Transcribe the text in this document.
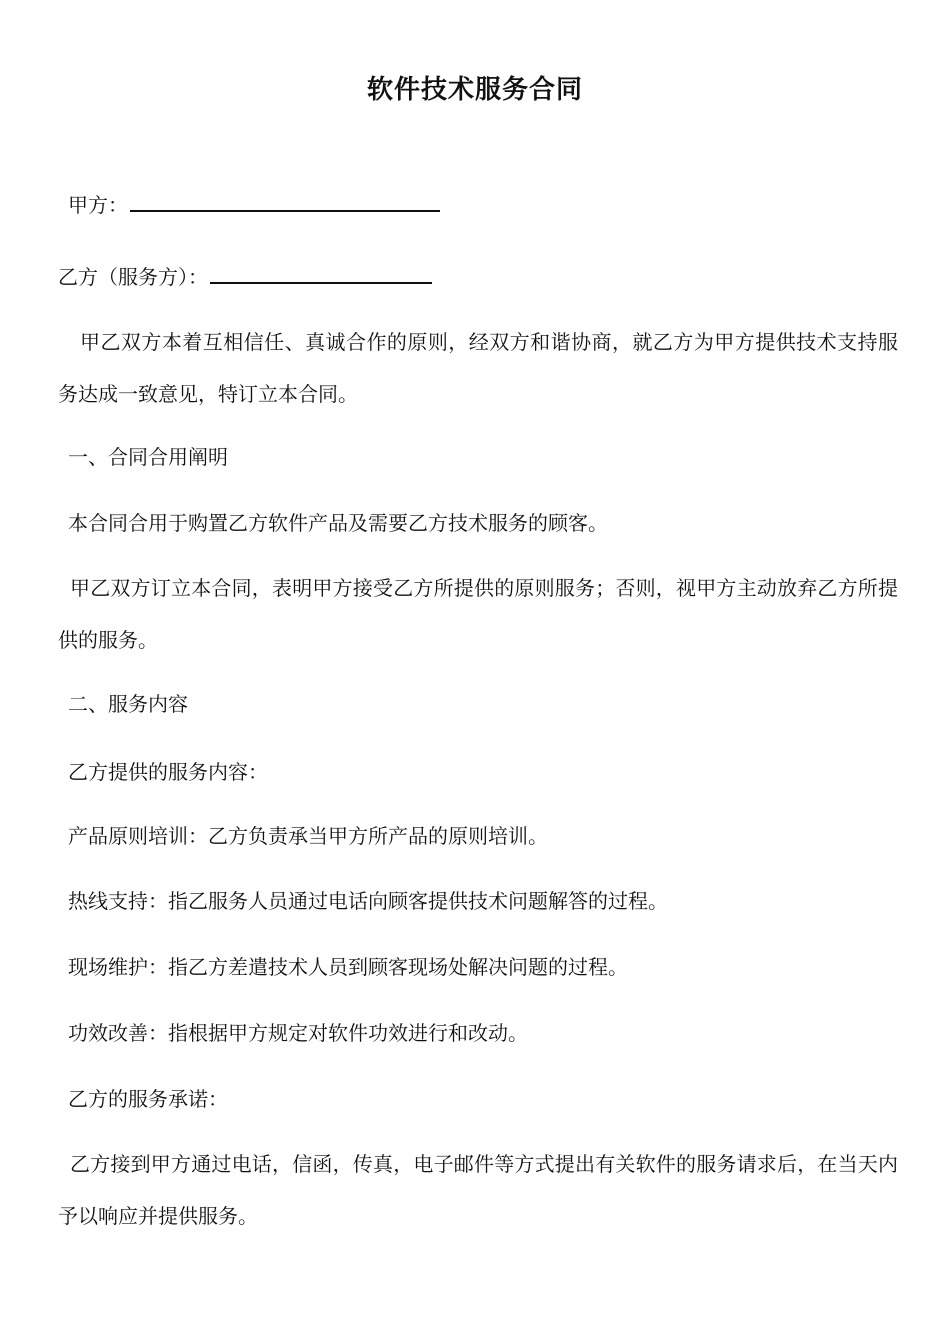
软件技术服务合同
甲方：
乙方（服务方）：
甲乙双方本着互相信任、真诚合作的原则，经双方和谐协商，就乙方为甲方提供技术支持服务达成一致意见，特订立本合同。
一、合同合用阐明
本合同合用于购置乙方软件产品及需要乙方技术服务的顾客。
甲乙双方订立本合同，表明甲方接受乙方所提供的原则服务；否则，视甲方主动放弃乙方所提供的服务。
二、服务内容
乙方提供的服务内容：
产品原则培训：乙方负责承当甲方所产品的原则培训。
热线支持：指乙服务人员通过电话向顾客提供技术问题解答的过程。
现场维护：指乙方差遣技术人员到顾客现场处解决问题的过程。
功效改善：指根据甲方规定对软件功效进行和改动。
乙方的服务承诺：
乙方接到甲方通过电话，信函，传真，电子邮件等方式提出有关软件的服务请求后，在当天内予以响应并提供服务。
